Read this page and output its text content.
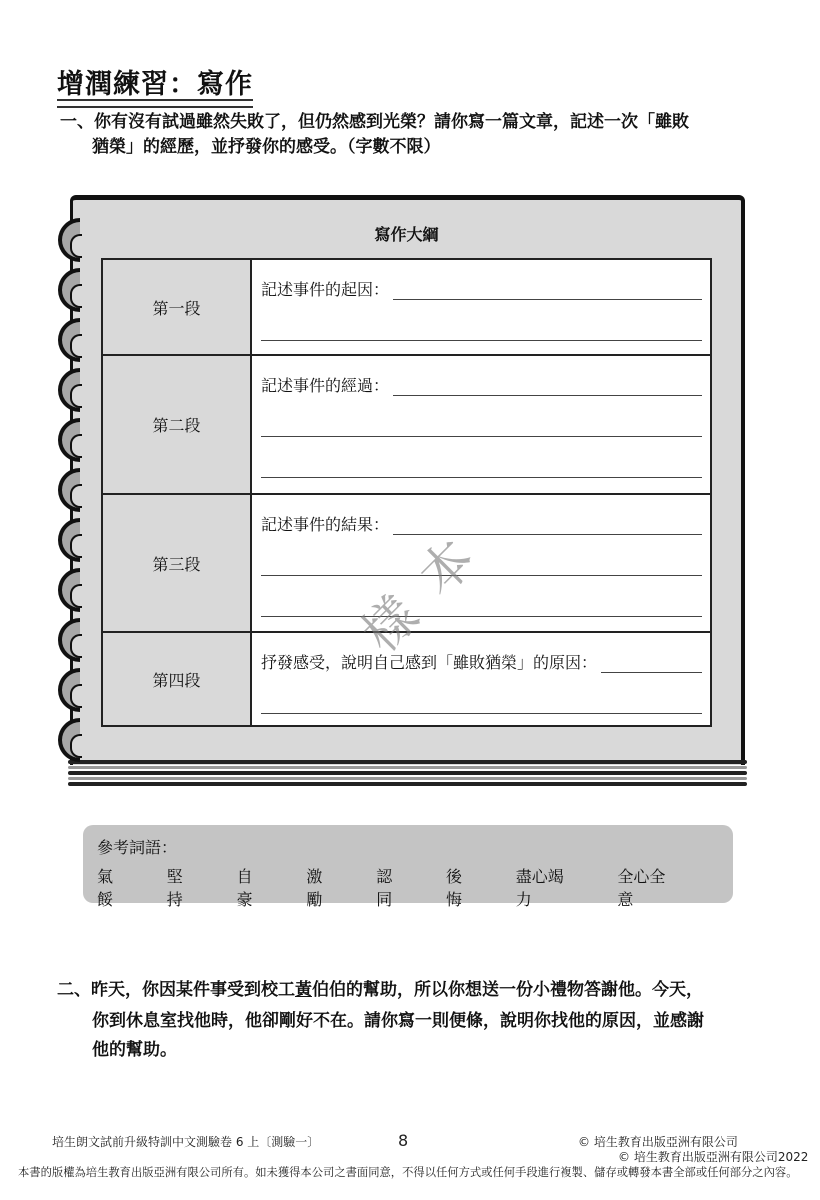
增潤練習：寫作
一、你有沒有試過雖然失敗了，但仍然感到光榮？請你寫一篇文章，記述一次「雖敗
猶榮」的經歷，並抒發你的感受。（字數不限）
寫作大綱
第一段
記述事件的起因：
第二段
記述事件的經過：
第三段
記述事件的結果：
第四段
抒發感受，說明自己感到「雖敗猶榮」的原因：
樣本
參考詞語：
氣餒
堅持
自豪
激勵
認同
後悔
盡心竭力
全心全意
二、昨天，你因某件事受到校工黃伯伯的幫助，所以你想送一份小禮物答謝他。今天，
你到休息室找他時，他卻剛好不在。請你寫一則便條，說明你找他的原因，並感謝
他的幫助。
培生朗文試前升級特訓中文測驗卷 6 上〔測驗一〕	8	© 培生教育出版亞洲有限公司
© 培生教育出版亞洲有限公司2022
本書的版權為培生教育出版亞洲有限公司所有。如未獲得本公司之書面同意，不得以任何方式或任何手段進行複製、儲存或轉發本書全部或任何部分之內容。
